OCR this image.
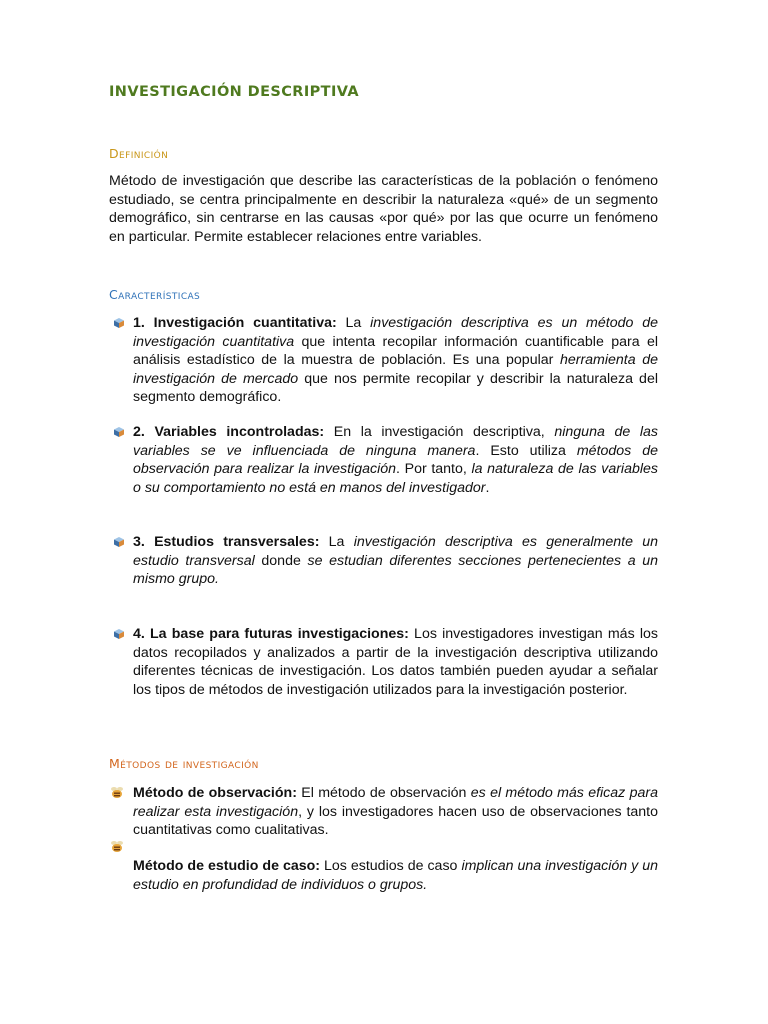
INVESTIGACIÓN DESCRIPTIVA
Definición
Método de investigación que describe las características de la población o fenómeno estudiado, se centra principalmente en describir la naturaleza «qué» de un segmento demográfico, sin centrarse en las causas «por qué» por las que ocurre un fenómeno en particular. Permite establecer relaciones entre variables.
Características
1. Investigación cuantitativa: La investigación descriptiva es un método de investigación cuantitativa que intenta recopilar información cuantificable para el análisis estadístico de la muestra de población. Es una popular herramienta de investigación de mercado que nos permite recopilar y describir la naturaleza del segmento demográfico.
2. Variables incontroladas: En la investigación descriptiva, ninguna de las variables se ve influenciada de ninguna manera. Esto utiliza métodos de observación para realizar la investigación. Por tanto, la naturaleza de las variables o su comportamiento no está en manos del investigador.
3. Estudios transversales: La investigación descriptiva es generalmente un estudio transversal donde se estudian diferentes secciones pertenecientes a un mismo grupo.
4. La base para futuras investigaciones: Los investigadores investigan más los datos recopilados y analizados a partir de la investigación descriptiva utilizando diferentes técnicas de investigación. Los datos también pueden ayudar a señalar los tipos de métodos de investigación utilizados para la investigación posterior.
Métodos de investigación
Método de observación: El método de observación es el método más eficaz para realizar esta investigación, y los investigadores hacen uso de observaciones tanto cuantitativas como cualitativas.
Método de estudio de caso: Los estudios de caso implican una investigación y un estudio en profundidad de individuos o grupos.
